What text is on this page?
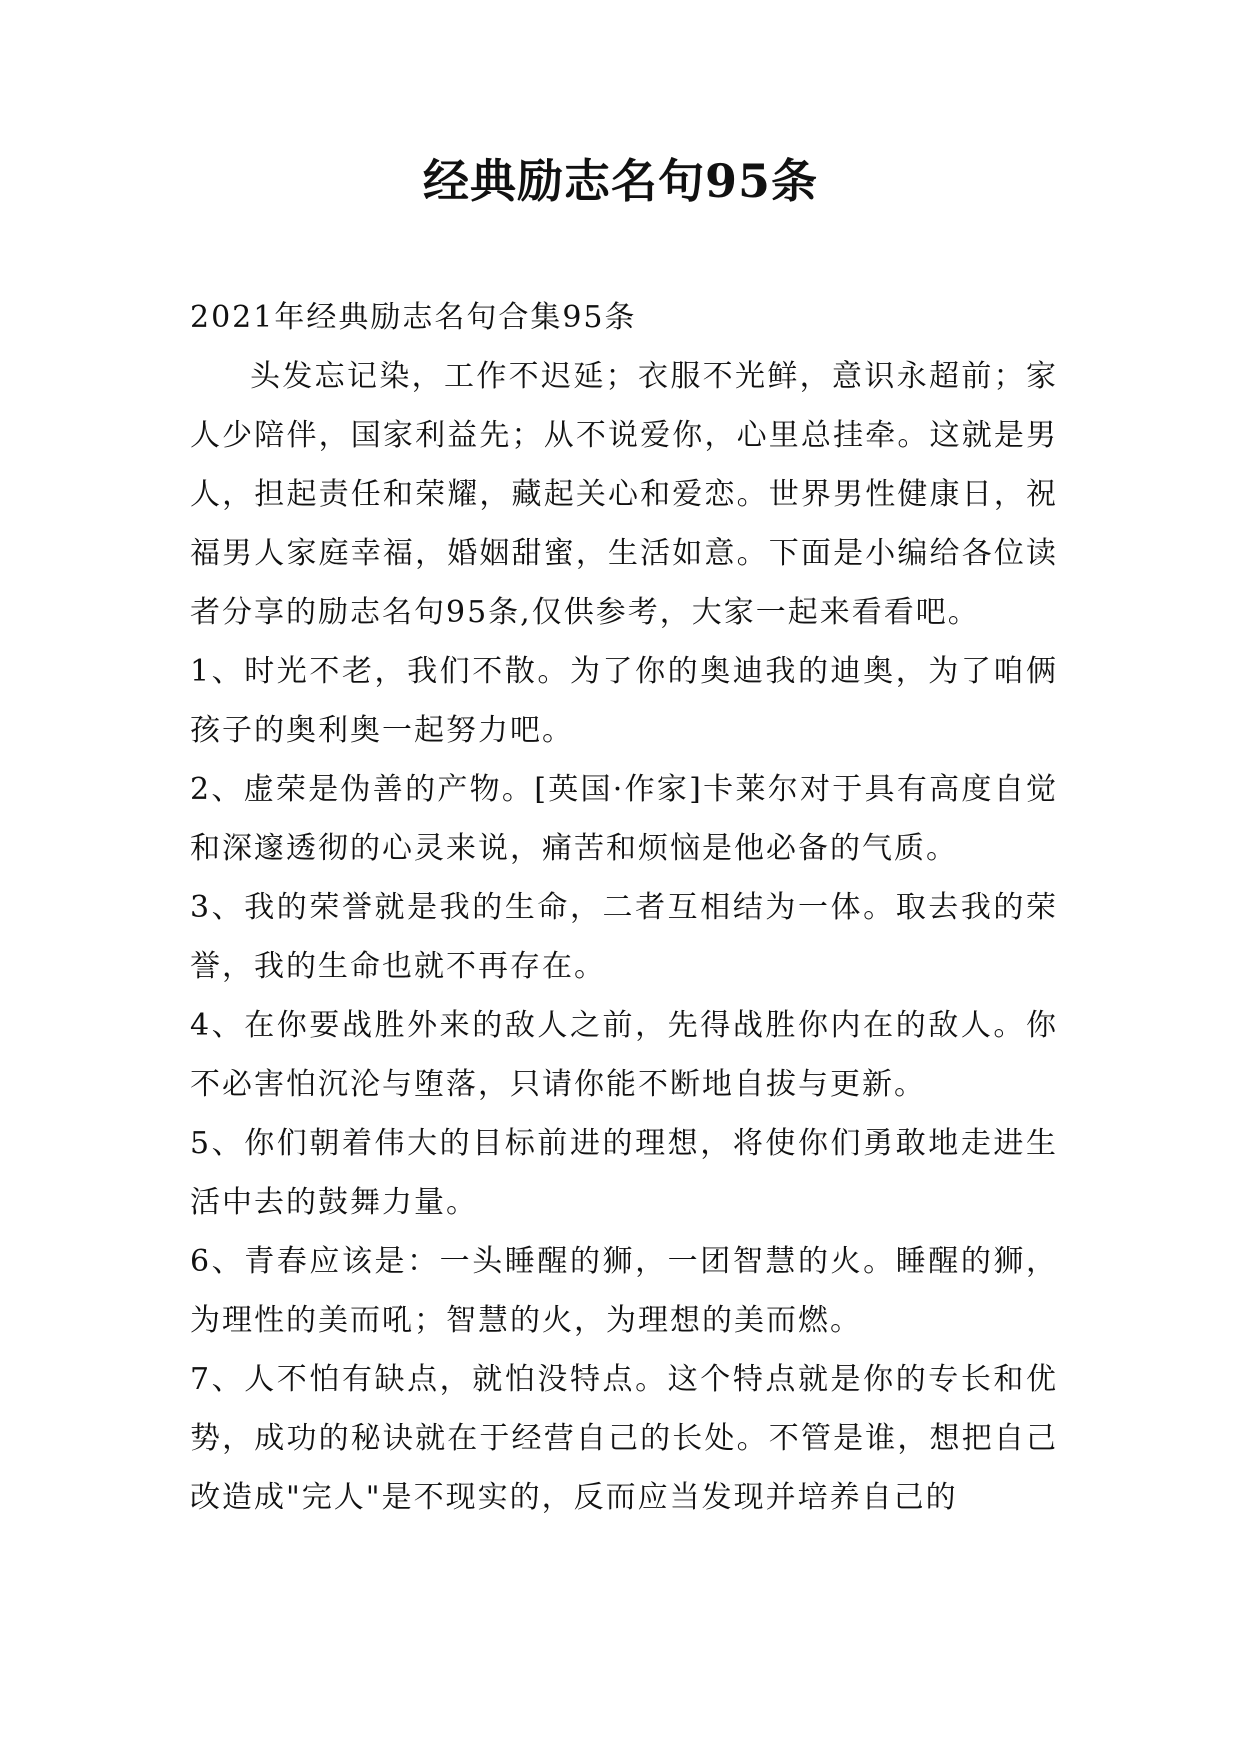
经典励志名句95条

2021年经典励志名句合集95条

头发忘记染，工作不迟延；衣服不光鲜，意识永超前；家人少陪伴，国家利益先；从不说爱你，心里总挂牵。这就是男人，担起责任和荣耀，藏起关心和爱恋。世界男性健康日，祝福男人家庭幸福，婚姻甜蜜，生活如意。下面是小编给各位读者分享的励志名句95条,仅供参考，大家一起来看看吧。

1、时光不老，我们不散。为了你的奥迪我的迪奥，为了咱俩孩子的奥利奥一起努力吧。

2、虚荣是伪善的产物。[英国·作家]卡莱尔对于具有高度自觉和深邃透彻的心灵来说，痛苦和烦恼是他必备的气质。

3、我的荣誉就是我的生命，二者互相结为一体。取去我的荣誉，我的生命也就不再存在。

4、在你要战胜外来的敌人之前，先得战胜你内在的敌人。你不必害怕沉沦与堕落，只请你能不断地自拔与更新。

5、你们朝着伟大的目标前进的理想，将使你们勇敢地走进生活中去的鼓舞力量。

6、青春应该是：一头睡醒的狮，一团智慧的火。睡醒的狮，为理性的美而吼；智慧的火，为理想的美而燃。

7、人不怕有缺点，就怕没特点。这个特点就是你的专长和优势，成功的秘诀就在于经营自己的长处。不管是谁，想把自己改造成"完人"是不现实的，反而应当发现并培养自己的
